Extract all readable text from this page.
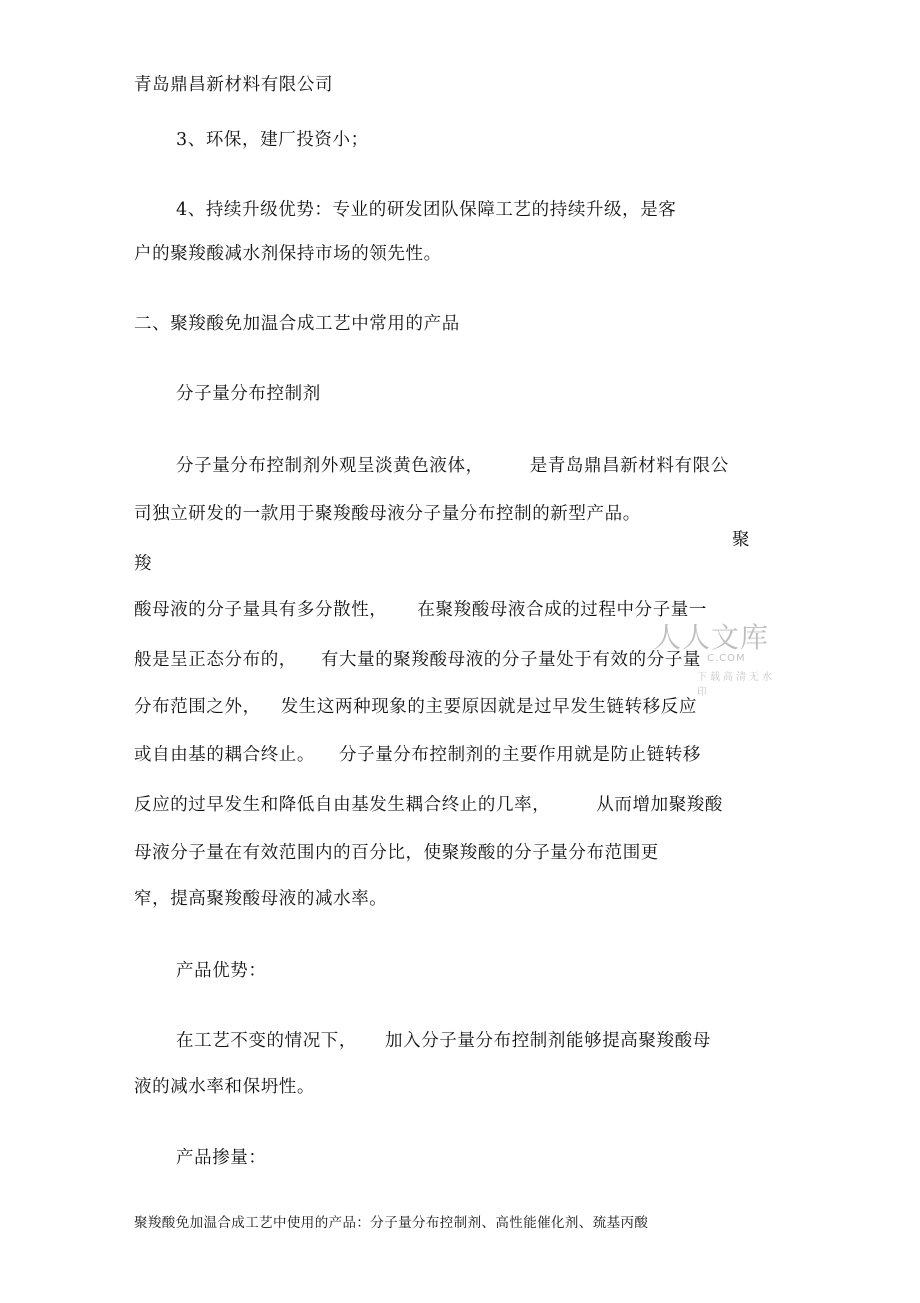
青岛鼎昌新材料有限公司
3、环保，建厂投资小；
4、持续升级优势：专业的研发团队保障工艺的持续升级，是客
户的聚羧酸减水剂保持市场的领先性。
二、聚羧酸免加温合成工艺中常用的产品
分子量分布控制剂
分子量分布控制剂外观呈淡黄色液体，	是青岛鼎昌新材料有限公
司独立研发的一款用于聚羧酸母液分子量分布控制的新型产品。
聚
羧
酸母液的分子量具有多分散性， 在聚羧酸母液合成的过程中分子量一
般是呈正态分布的， 有大量的聚羧酸母液的分子量处于有效的分子量
分布范围之外， 发生这两种现象的主要原因就是过早发生链转移反应
或自由基的耦合终止。 分子量分布控制剂的主要作用就是防止链转移
反应的过早发生和降低自由基发生耦合终止的几率，	从而增加聚羧酸
母液分子量在有效范围内的百分比，使聚羧酸的分子量分布范围更
窄，提高聚羧酸母液的减水率。
产品优势：
在工艺不变的情况下， 加入分子量分布控制剂能够提高聚羧酸母
液的减水率和保坍性。
产品掺量：
聚羧酸免加温合成工艺中使用的产品：分子量分布控制剂、高性能催化剂、巯基丙酸
人人文库
C.COM
下载高清无水印
